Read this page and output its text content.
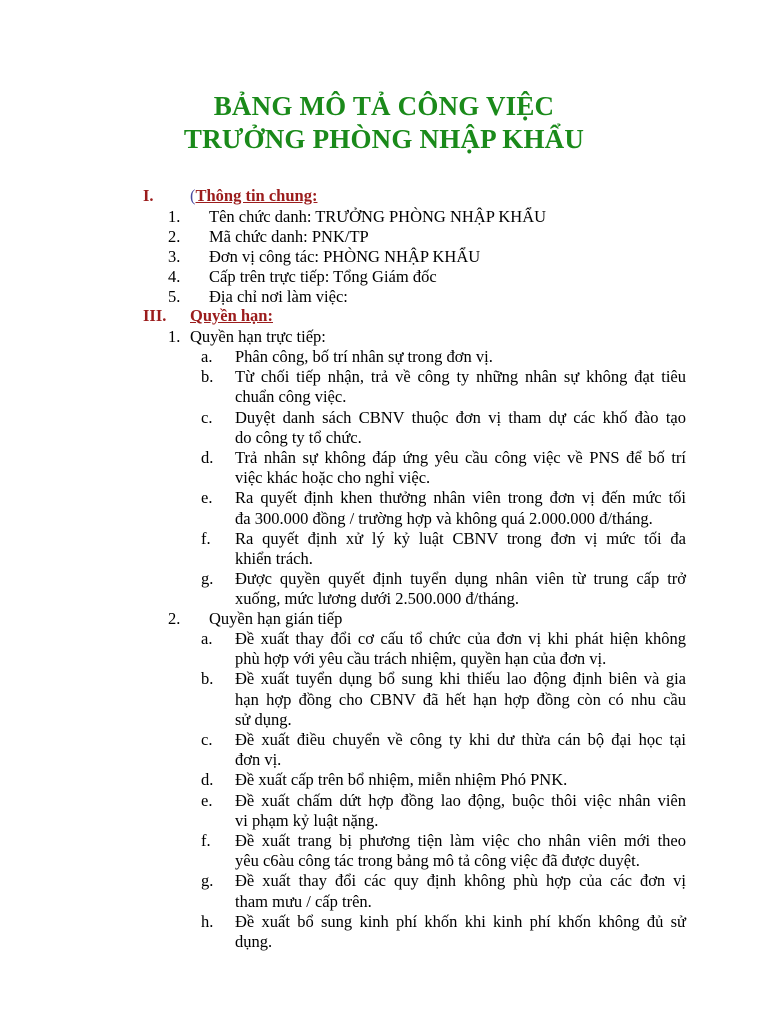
BẢNG MÔ TẢ CÔNG VIỆC
TRƯỞNG PHÒNG NHẬP KHẨU
I. (Thông tin chung:
1. Tên chức danh: TRƯỞNG PHÒNG NHẬP KHẨU
2. Mã chức danh: PNK/TP
3. Đơn vị công tác: PHÒNG NHẬP KHẨU
4. Cấp trên trực tiếp: Tổng Giám đốc
5. Địa chỉ nơi làm việc:
III. Quyền hạn:
1. Quyền hạn trực tiếp:
a. Phân công, bố trí nhân sự trong đơn vị.
b. Từ chối tiếp nhận, trả về công ty những nhân sự không đạt tiêu
chuẩn công việc.
c. Duyệt danh sách CBNV thuộc đơn vị tham dự các khố đào tạo
do công ty tổ chức.
d. Trả nhân sự không đáp ứng yêu cầu công việc về PNS để bố trí
việc khác hoặc cho nghỉ việc.
e. Ra quyết định khen thưởng nhân viên trong đơn vị đến mức tối
đa 300.000 đồng / trường hợp và không quá 2.000.000 đ/tháng.
f. Ra quyết định xử lý kỷ luật CBNV trong đơn vị mức tối đa
khiển trách.
g. Được quyền quyết định tuyển dụng nhân viên từ trung cấp trở
xuống, mức lương dưới 2.500.000 đ/tháng.
2. Quyền hạn gián tiếp
a. Đề xuất thay đổi cơ cấu tổ chức của đơn vị khi phát hiện không
phù hợp với yêu cầu trách nhiệm, quyền hạn của đơn vị.
b. Đề xuất tuyển dụng bổ sung khi thiếu lao động định biên và gia
hạn hợp đồng cho CBNV đã hết hạn hợp đồng còn có nhu cầu
sử dụng.
c. Đề xuất điều chuyển về công ty khi dư thừa cán bộ đại học tại
đơn vị.
d. Đề xuất cấp trên bổ nhiệm, miễn nhiệm Phó PNK.
e. Đề xuất chấm dứt hợp đồng lao động, buộc thôi việc nhân viên
vi phạm kỷ luật nặng.
f. Đề xuất trang bị phương tiện làm việc cho nhân viên mới theo
yêu c6àu công tác trong bảng mô tả công việc đã được duyệt.
g. Đề xuất thay đổi các quy định không phù hợp của các đơn vị
tham mưu / cấp trên.
h. Đề xuất bổ sung kinh phí khốn khi kinh phí khốn không đủ sử
dụng.
